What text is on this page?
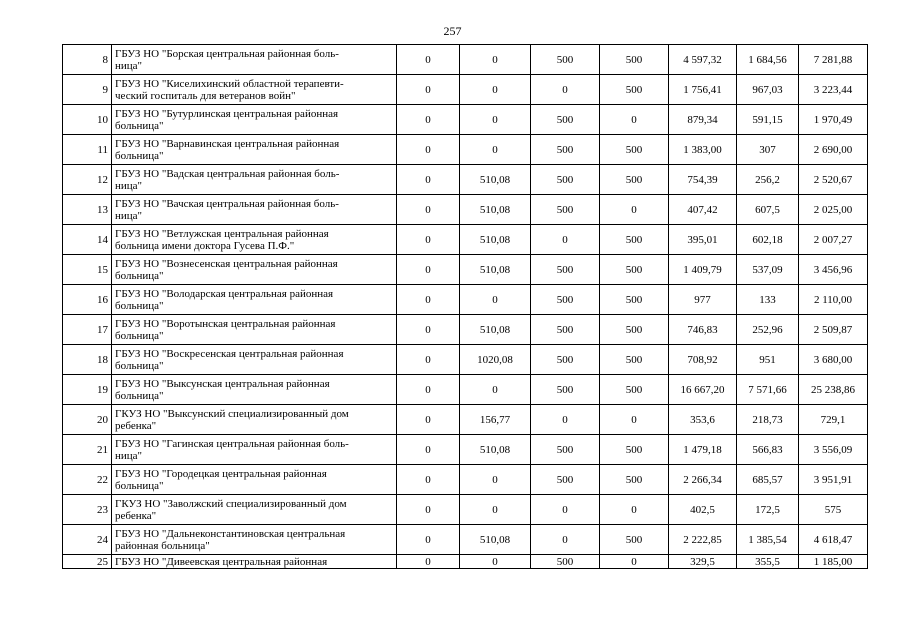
257
8	ГБУЗ НО "Борская центральная районная боль-
ница"	0	0	500	500	4 597,32	1 684,56	7 281,88
9	ГБУЗ НО "Киселихинский областной терапевти-
ческий госпиталь для ветеранов войн"	0	0	0	500	1 756,41	967,03	3 223,44
10	ГБУЗ НО "Бутурлинская центральная районная
больница"	0	0	500	0	879,34	591,15	1 970,49
11	ГБУЗ НО "Варнавинская центральная районная
больница"	0	0	500	500	1 383,00	307	2 690,00
12	ГБУЗ НО "Вадская центральная районная боль-
ница"	0	510,08	500	500	754,39	256,2	2 520,67
13	ГБУЗ НО "Вачская центральная районная боль-
ница"	0	510,08	500	0	407,42	607,5	2 025,00
14	ГБУЗ НО "Ветлужская центральная районная
больница имени доктора Гусева П.Ф."	0	510,08	0	500	395,01	602,18	2 007,27
15	ГБУЗ НО "Вознесенская центральная районная
больница"	0	510,08	500	500	1 409,79	537,09	3 456,96
16	ГБУЗ НО "Володарская центральная районная
больница"	0	0	500	500	977	133	2 110,00
17	ГБУЗ НО "Воротынская центральная районная
больница"	0	510,08	500	500	746,83	252,96	2 509,87
18	ГБУЗ НО "Воскресенская центральная районная
больница"	0	1020,08	500	500	708,92	951	3 680,00
19	ГБУЗ НО "Выксунская центральная районная
больница"	0	0	500	500	16 667,20	7 571,66	25 238,86
20	ГКУЗ НО "Выксунский специализированный дом
ребенка"	0	156,77	0	0	353,6	218,73	729,1
21	ГБУЗ НО "Гагинская центральная районная боль-
ница"	0	510,08	500	500	1 479,18	566,83	3 556,09
22	ГБУЗ НО "Городецкая центральная районная
больница"	0	0	500	500	2 266,34	685,57	3 951,91
23	ГКУЗ НО "Заволжский специализированный дом
ребенка"	0	0	0	0	402,5	172,5	575
24	ГБУЗ НО "Дальнеконстантиновская центральная
районная больница"	0	510,08	0	500	2 222,85	1 385,54	4 618,47
25	ГБУЗ НО "Дивеевская центральная районная	0	0	500	0	329,5	355,5	1 185,00
